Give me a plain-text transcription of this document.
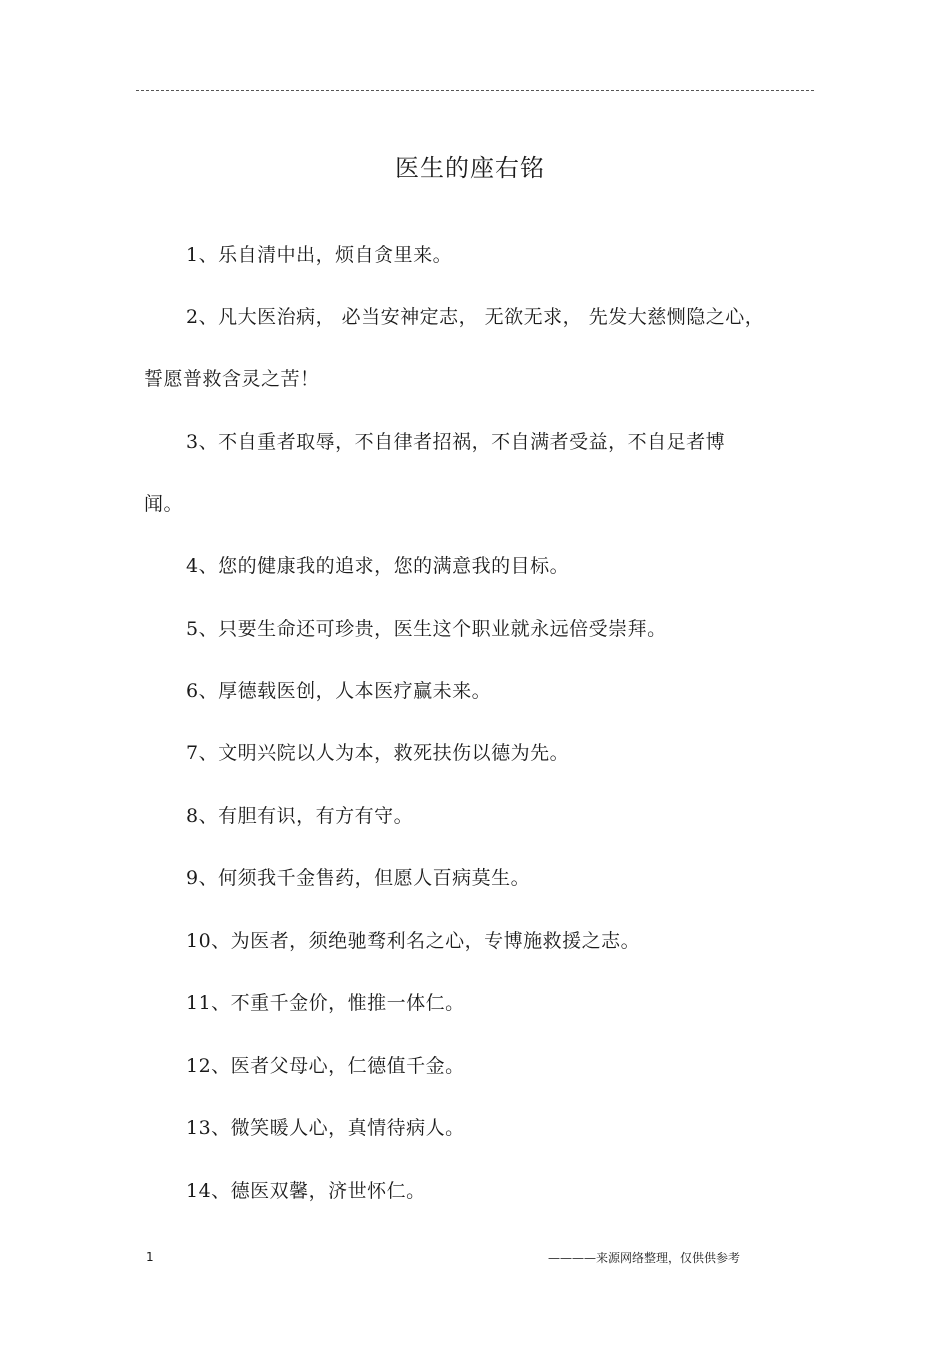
医生的座右铭
1、乐自清中出，烦自贪里来。
2、凡大医治病， 必当安神定志， 无欲无求， 先发大慈恻隐之心，
誓愿普救含灵之苦！
3、不自重者取辱，不自律者招祸，不自满者受益，不自足者博
闻。
4、您的健康我的追求，您的满意我的目标。
5、只要生命还可珍贵，医生这个职业就永远倍受崇拜。
6、厚德载医创，人本医疗赢未来。
7、文明兴院以人为本，救死扶伤以德为先。
8、有胆有识，有方有守。
9、何须我千金售药，但愿人百病莫生。
10、为医者，须绝驰骛利名之心，专博施救援之志。
11、不重千金价，惟推一体仁。
12、医者父母心，仁德值千金。
13、微笑暖人心，真情待病人。
14、德医双馨，济世怀仁。
1	————来源网络整理，仅供供参考
